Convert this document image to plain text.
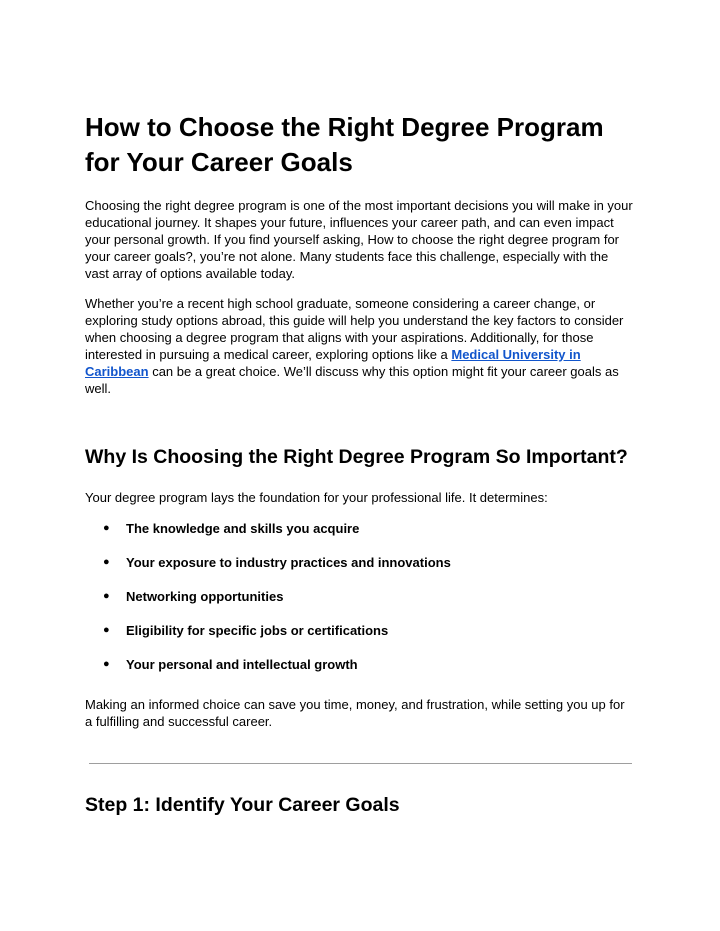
How to Choose the Right Degree Program for Your Career Goals

Choosing the right degree program is one of the most important decisions you will make in your educational journey. It shapes your future, influences your career path, and can even impact your personal growth. If you find yourself asking, How to choose the right degree program for your career goals?, you’re not alone. Many students face this challenge, especially with the vast array of options available today.

Whether you’re a recent high school graduate, someone considering a career change, or exploring study options abroad, this guide will help you understand the key factors to consider when choosing a degree program that aligns with your aspirations. Additionally, for those interested in pursuing a medical career, exploring options like a Medical University in Caribbean can be a great choice. We’ll discuss why this option might fit your career goals as well.

Why Is Choosing the Right Degree Program So Important?

Your degree program lays the foundation for your professional life. It determines:

● The knowledge and skills you acquire
● Your exposure to industry practices and innovations
● Networking opportunities
● Eligibility for specific jobs or certifications
● Your personal and intellectual growth

Making an informed choice can save you time, money, and frustration, while setting you up for a fulfilling and successful career.

Step 1: Identify Your Career Goals
